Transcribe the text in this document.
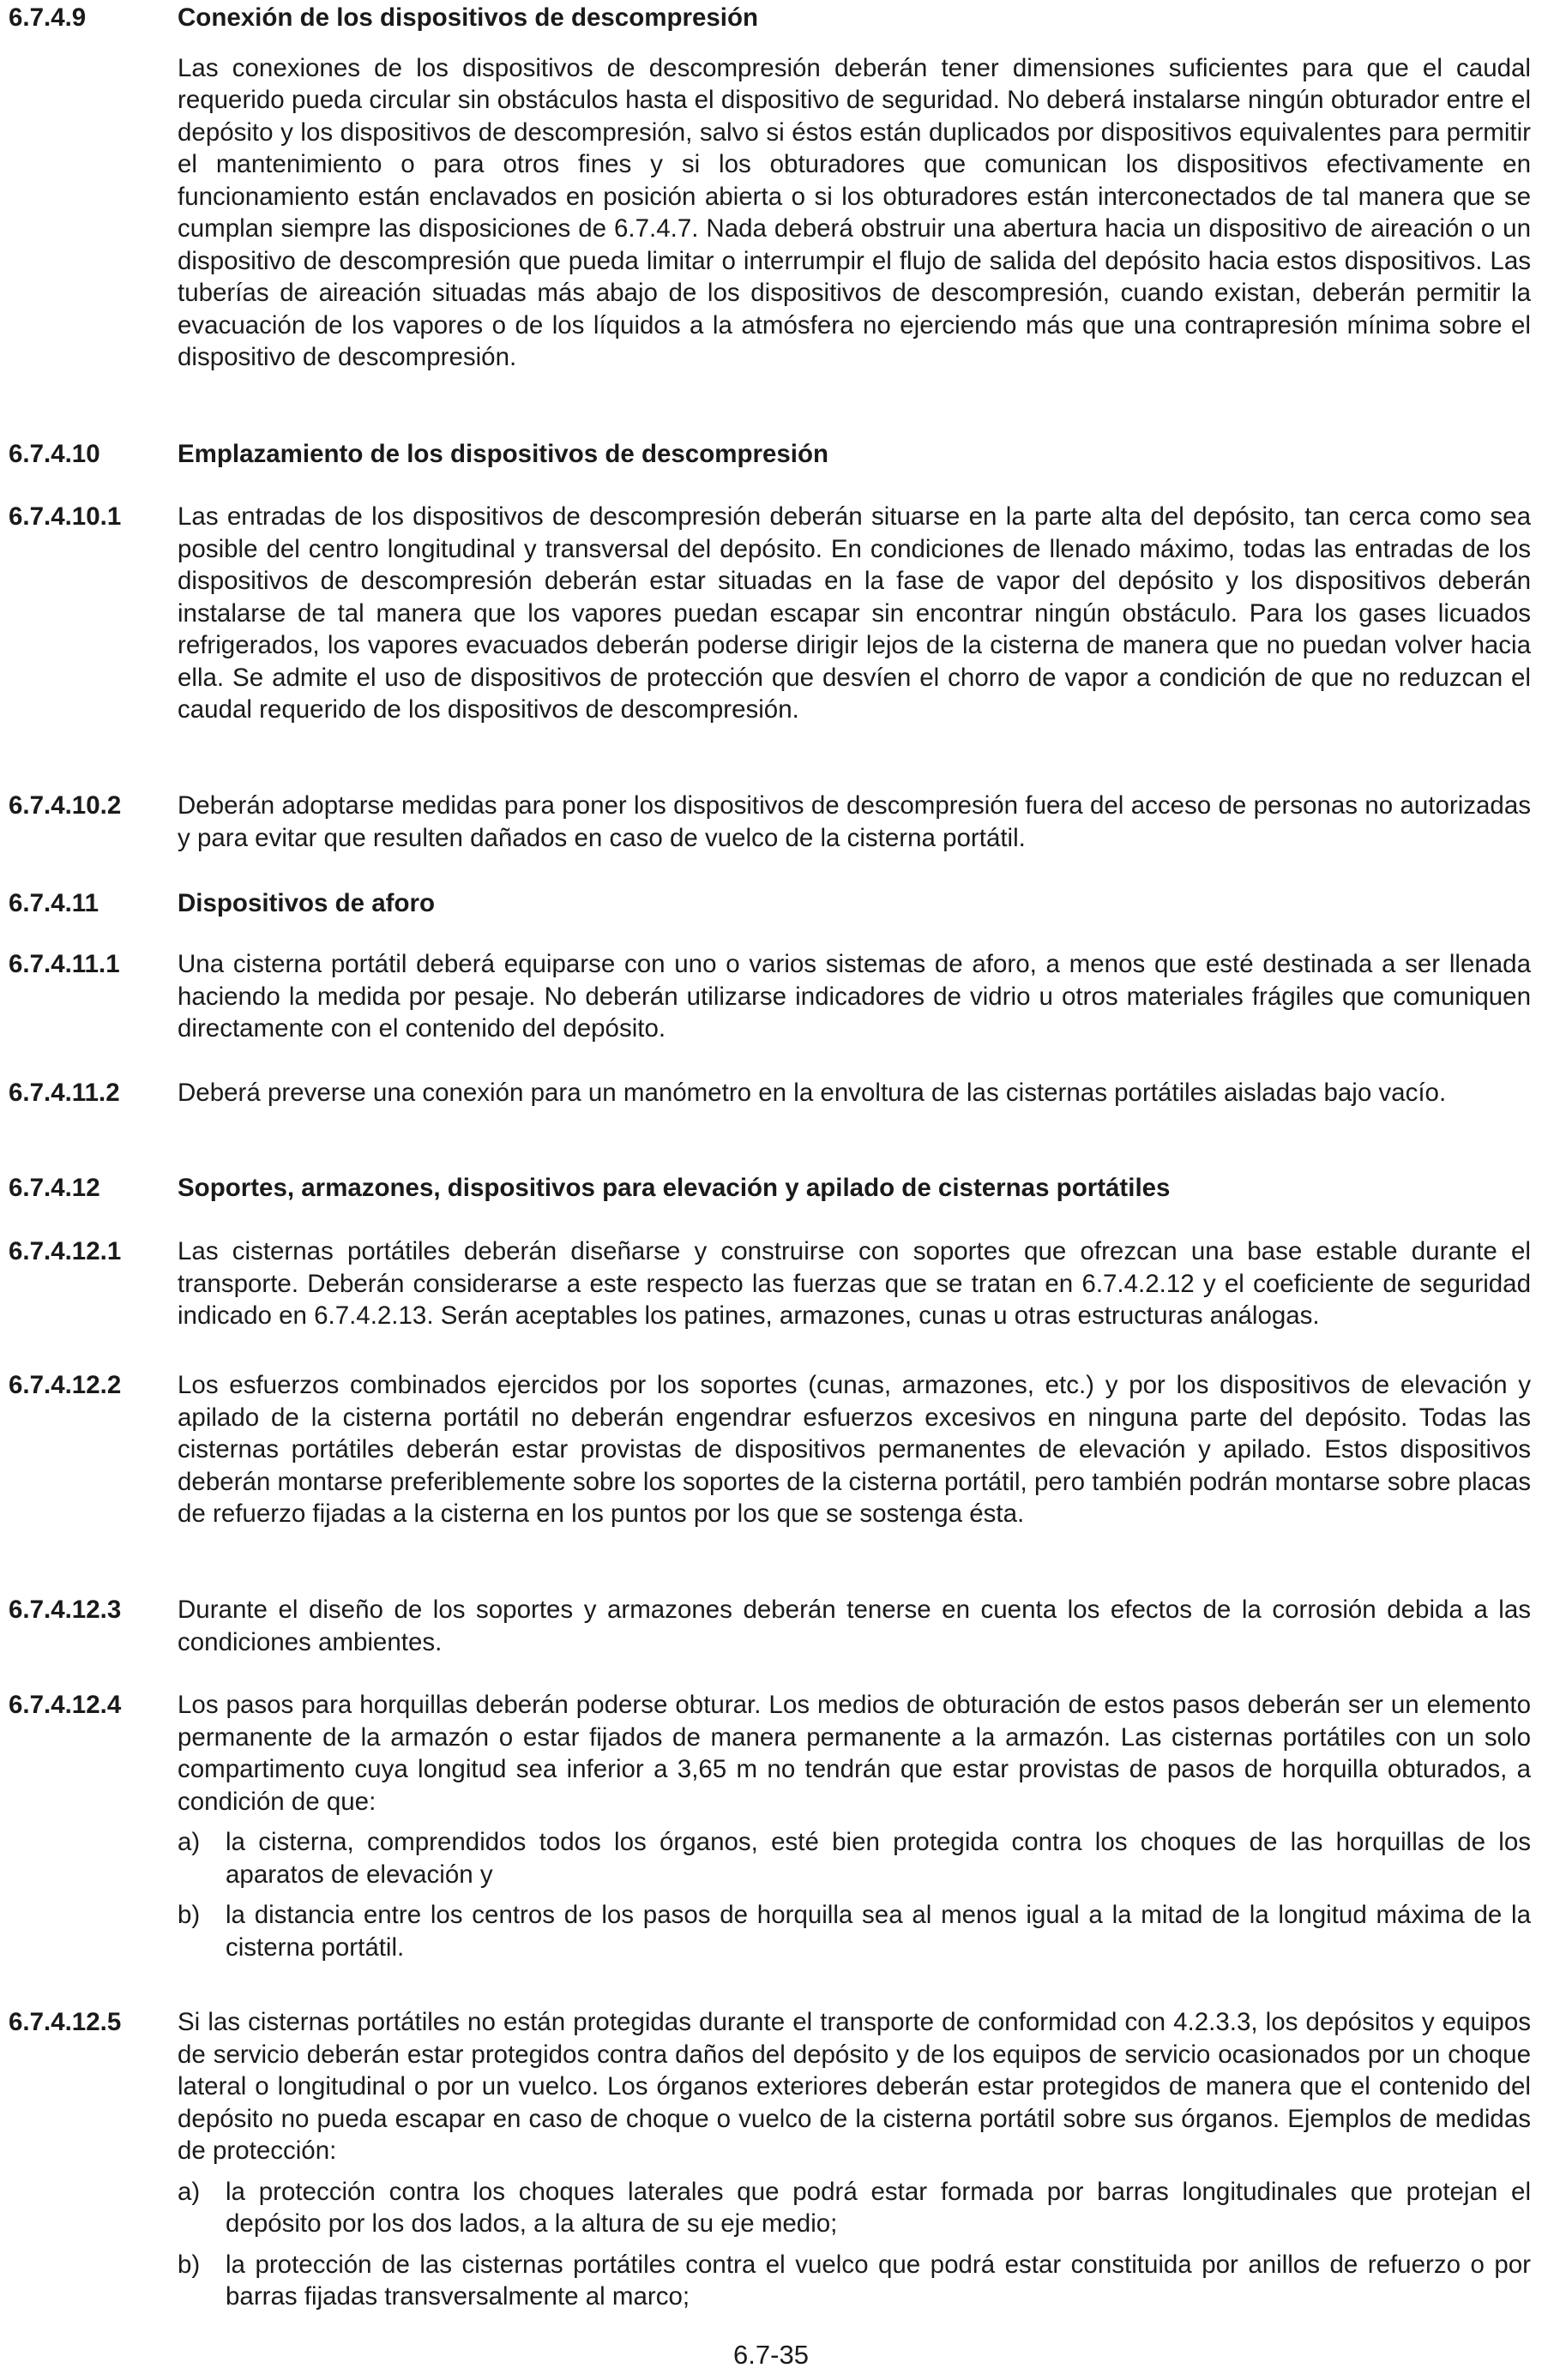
6.7.4.9	Conexión de los dispositivos de descompresión
Las conexiones de los dispositivos de descompresión deberán tener dimensiones suficientes para que el caudal requerido pueda circular sin obstáculos hasta el dispositivo de seguridad. No deberá instalarse ningún obturador entre el depósito y los dispositivos de descompresión, salvo si éstos están duplicados por dispositivos equivalentes para permitir el mantenimiento o para otros fines y si los obturadores que comunican los dispositivos efectivamente en funcionamiento están enclavados en posición abierta o si los obturadores están interconectados de tal manera que se cumplan siempre las disposiciones de 6.7.4.7. Nada deberá obstruir una abertura hacia un dispositivo de aireación o un dispositivo de descompresión que pueda limitar o interrumpir el flujo de salida del depósito hacia estos dispositivos. Las tuberías de aireación situadas más abajo de los dispositivos de descompresión, cuando existan, deberán permitir la evacuación de los vapores o de los líquidos a la atmósfera no ejerciendo más que una contrapresión mínima sobre el dispositivo de descompresión.
6.7.4.10	Emplazamiento de los dispositivos de descompresión
6.7.4.10.1	Las entradas de los dispositivos de descompresión deberán situarse en la parte alta del depósito, tan cerca como sea posible del centro longitudinal y transversal del depósito. En condiciones de llenado máximo, todas las entradas de los dispositivos de descompresión deberán estar situadas en la fase de vapor del depósito y los dispositivos deberán instalarse de tal manera que los vapores puedan escapar sin encontrar ningún obstáculo. Para los gases licuados refrigerados, los vapores evacuados deberán poderse dirigir lejos de la cisterna de manera que no puedan volver hacia ella. Se admite el uso de dispositivos de protección que desvíen el chorro de vapor a condición de que no reduzcan el caudal requerido de los dispositivos de descompresión.
6.7.4.10.2	Deberán adoptarse medidas para poner los dispositivos de descompresión fuera del acceso de personas no autorizadas y para evitar que resulten dañados en caso de vuelco de la cisterna portátil.
6.7.4.11	Dispositivos de aforo
6.7.4.11.1	Una cisterna portátil deberá equiparse con uno o varios sistemas de aforo, a menos que esté destinada a ser llenada haciendo la medida por pesaje. No deberán utilizarse indicadores de vidrio u otros materiales frágiles que comuniquen directamente con el contenido del depósito.
6.7.4.11.2	Deberá preverse una conexión para un manómetro en la envoltura de las cisternas portátiles aisladas bajo vacío.
6.7.4.12	Soportes, armazones, dispositivos para elevación y apilado de cisternas portátiles
6.7.4.12.1	Las cisternas portátiles deberán diseñarse y construirse con soportes que ofrezcan una base estable durante el transporte. Deberán considerarse a este respecto las fuerzas que se tratan en 6.7.4.2.12 y el coeficiente de seguridad indicado en 6.7.4.2.13. Serán aceptables los patines, armazones, cunas u otras estructuras análogas.
6.7.4.12.2	Los esfuerzos combinados ejercidos por los soportes (cunas, armazones, etc.) y por los dispositivos de elevación y apilado de la cisterna portátil no deberán engendrar esfuerzos excesivos en ninguna parte del depósito. Todas las cisternas portátiles deberán estar provistas de dispositivos permanentes de elevación y apilado. Estos dispositivos deberán montarse preferiblemente sobre los soportes de la cisterna portátil, pero también podrán montarse sobre placas de refuerzo fijadas a la cisterna en los puntos por los que se sostenga ésta.
6.7.4.12.3	Durante el diseño de los soportes y armazones deberán tenerse en cuenta los efectos de la corrosión debida a las condiciones ambientes.
6.7.4.12.4	Los pasos para horquillas deberán poderse obturar. Los medios de obturación de estos pasos deberán ser un elemento permanente de la armazón o estar fijados de manera permanente a la armazón. Las cisternas portátiles con un solo compartimento cuya longitud sea inferior a 3,65 m no tendrán que estar provistas de pasos de horquilla obturados, a condición de que:
a)	la cisterna, comprendidos todos los órganos, esté bien protegida contra los choques de las horquillas de los aparatos de elevación y
b)	la distancia entre los centros de los pasos de horquilla sea al menos igual a la mitad de la longitud máxima de la cisterna portátil.
6.7.4.12.5	Si las cisternas portátiles no están protegidas durante el transporte de conformidad con 4.2.3.3, los depósitos y equipos de servicio deberán estar protegidos contra daños del depósito y de los equipos de servicio ocasionados por un choque lateral o longitudinal o por un vuelco. Los órganos exteriores deberán estar protegidos de manera que el contenido del depósito no pueda escapar en caso de choque o vuelco de la cisterna portátil sobre sus órganos. Ejemplos de medidas de protección:
a)	la protección contra los choques laterales que podrá estar formada por barras longitudinales que protejan el depósito por los dos lados, a la altura de su eje medio;
b)	la protección de las cisternas portátiles contra el vuelco que podrá estar constituida por anillos de refuerzo o por barras fijadas transversalmente al marco;
6.7-35
